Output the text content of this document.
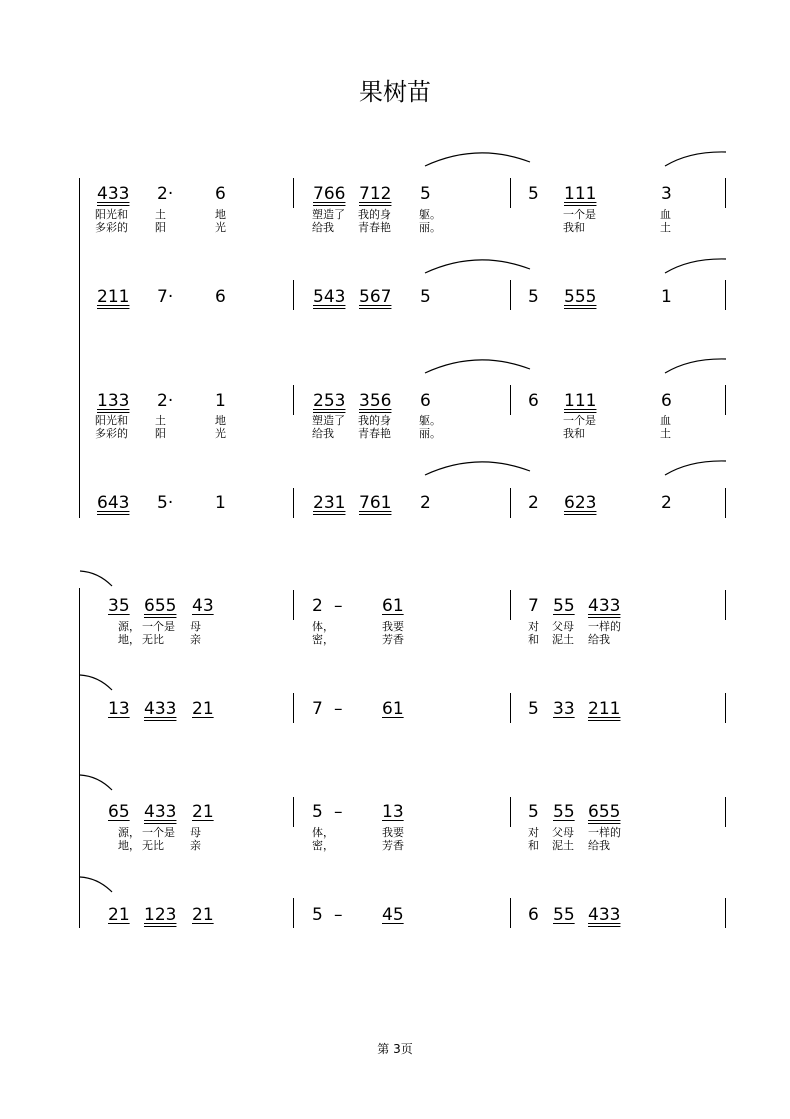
果树苗
433 2· 6	766 712 5	5 111	3
阳光和 土	地	塑造了 我的身	躯。	一个是	血
多彩的 阳	光	给我 青春艳	丽。	我和	土
211 7· 6	543 567 5	5 555	1
133 2· 1	253 356 6	6 111	6
阳光和 土	地	塑造了 我的身	躯。	一个是	血
多彩的 阳	光	给我 青春艳	丽。	我和	土
643 5· 1	231 761 2	2 623	2
35 655 43	2 – 61	7 55 433
源， 一个是 母	体，	我要	对 父母 一样的
地， 无比 亲	密，	芳香	和 泥土 给我
13 433 21	7 – 61	5 33 211
65 433 21	5 – 13	5 55 655
源， 一个是 母	体，	我要	对 父母 一样的
地， 无比 亲	密，	芳香	和 泥土 给我
21 123 21	5 – 45	6 55 433
第 3页
